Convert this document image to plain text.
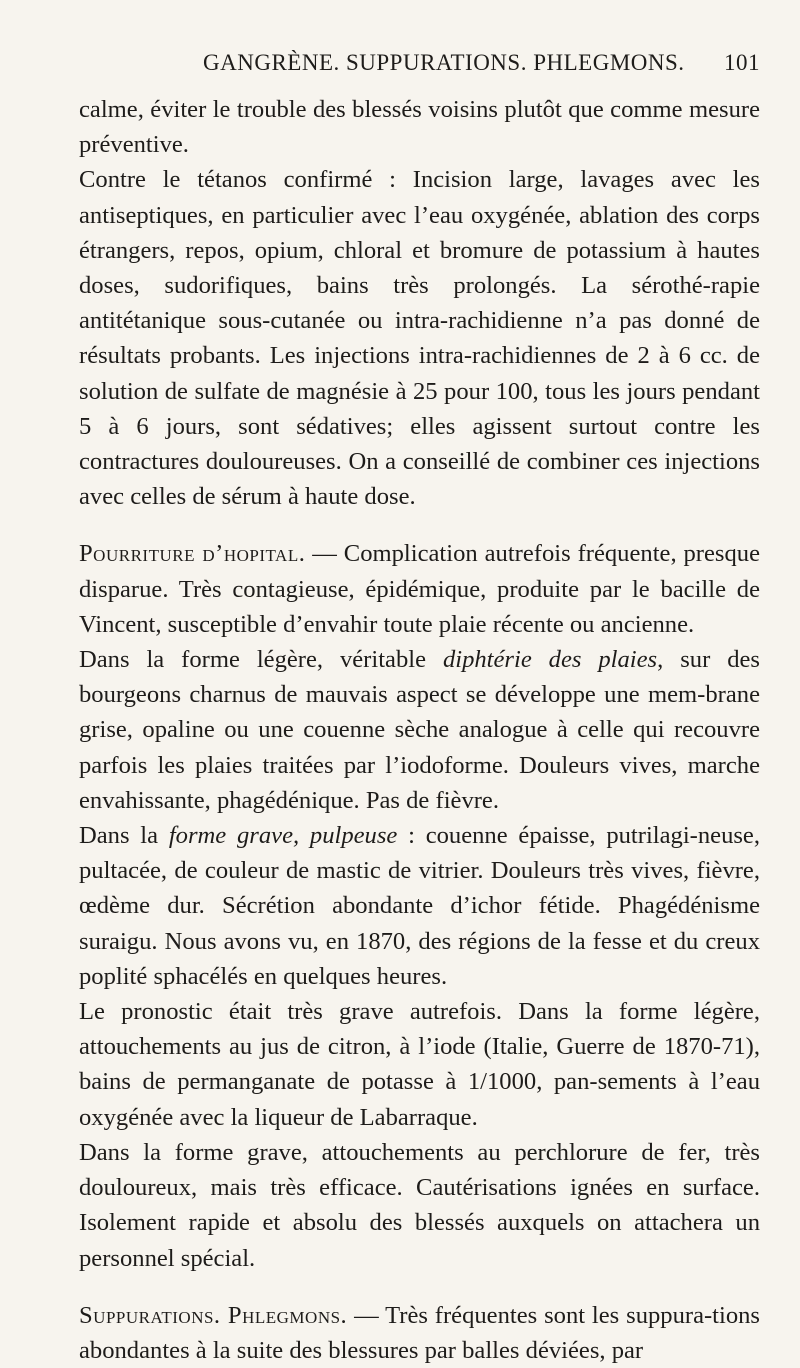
GANGRÈNE. SUPPURATIONS. PHLEGMONS. 101

calme, éviter le trouble des blessés voisins plutôt que comme mesure préventive.

Contre le tétanos confirmé : Incision large, lavages avec les antiseptiques, en particulier avec l’eau oxygénée, ablation des corps étrangers, repos, opium, chloral et bromure de potassium à hautes doses, sudorifiques, bains très prolongés. La sérothé-rapie antitétanique sous-cutanée ou intra-rachidienne n’a pas donné de résultats probants. Les injections intra-rachidiennes de 2 à 6 cc. de solution de sulfate de magnésie à 25 pour 100, tous les jours pendant 5 à 6 jours, sont sédatives; elles agissent surtout contre les contractures douloureuses. On a conseillé de combiner ces injections avec celles de sérum à haute dose.

Pourriture d’hopital. — Complication autrefois fréquente, presque disparue. Très contagieuse, épidémique, produite par le bacille de Vincent, susceptible d’envahir toute plaie récente ou ancienne.

Dans la forme légère, véritable diphtérie des plaies, sur des bourgeons charnus de mauvais aspect se développe une mem-brane grise, opaline ou une couenne sèche analogue à celle qui recouvre parfois les plaies traitées par l’iodoforme. Douleurs vives, marche envahissante, phagédénique. Pas de fièvre.

Dans la forme grave, pulpeuse : couenne épaisse, putrilagi-neuse, pultacée, de couleur de mastic de vitrier. Douleurs très vives, fièvre, œdème dur. Sécrétion abondante d’ichor fétide. Phagédénisme suraigu. Nous avons vu, en 1870, des régions de la fesse et du creux poplité sphacélés en quelques heures.

Le pronostic était très grave autrefois. Dans la forme légère, attouchements au jus de citron, à l’iode (Italie, Guerre de 1870-71), bains de permanganate de potasse à 1/1000, pan-sements à l’eau oxygénée avec la liqueur de Labarraque.

Dans la forme grave, attouchements au perchlorure de fer, très douloureux, mais très efficace. Cautérisations ignées en surface. Isolement rapide et absolu des blessés auxquels on attachera un personnel spécial.

Suppurations. Phlegmons. — Très fréquentes sont les suppura-tions abondantes à la suite des blessures par balles déviées, par
